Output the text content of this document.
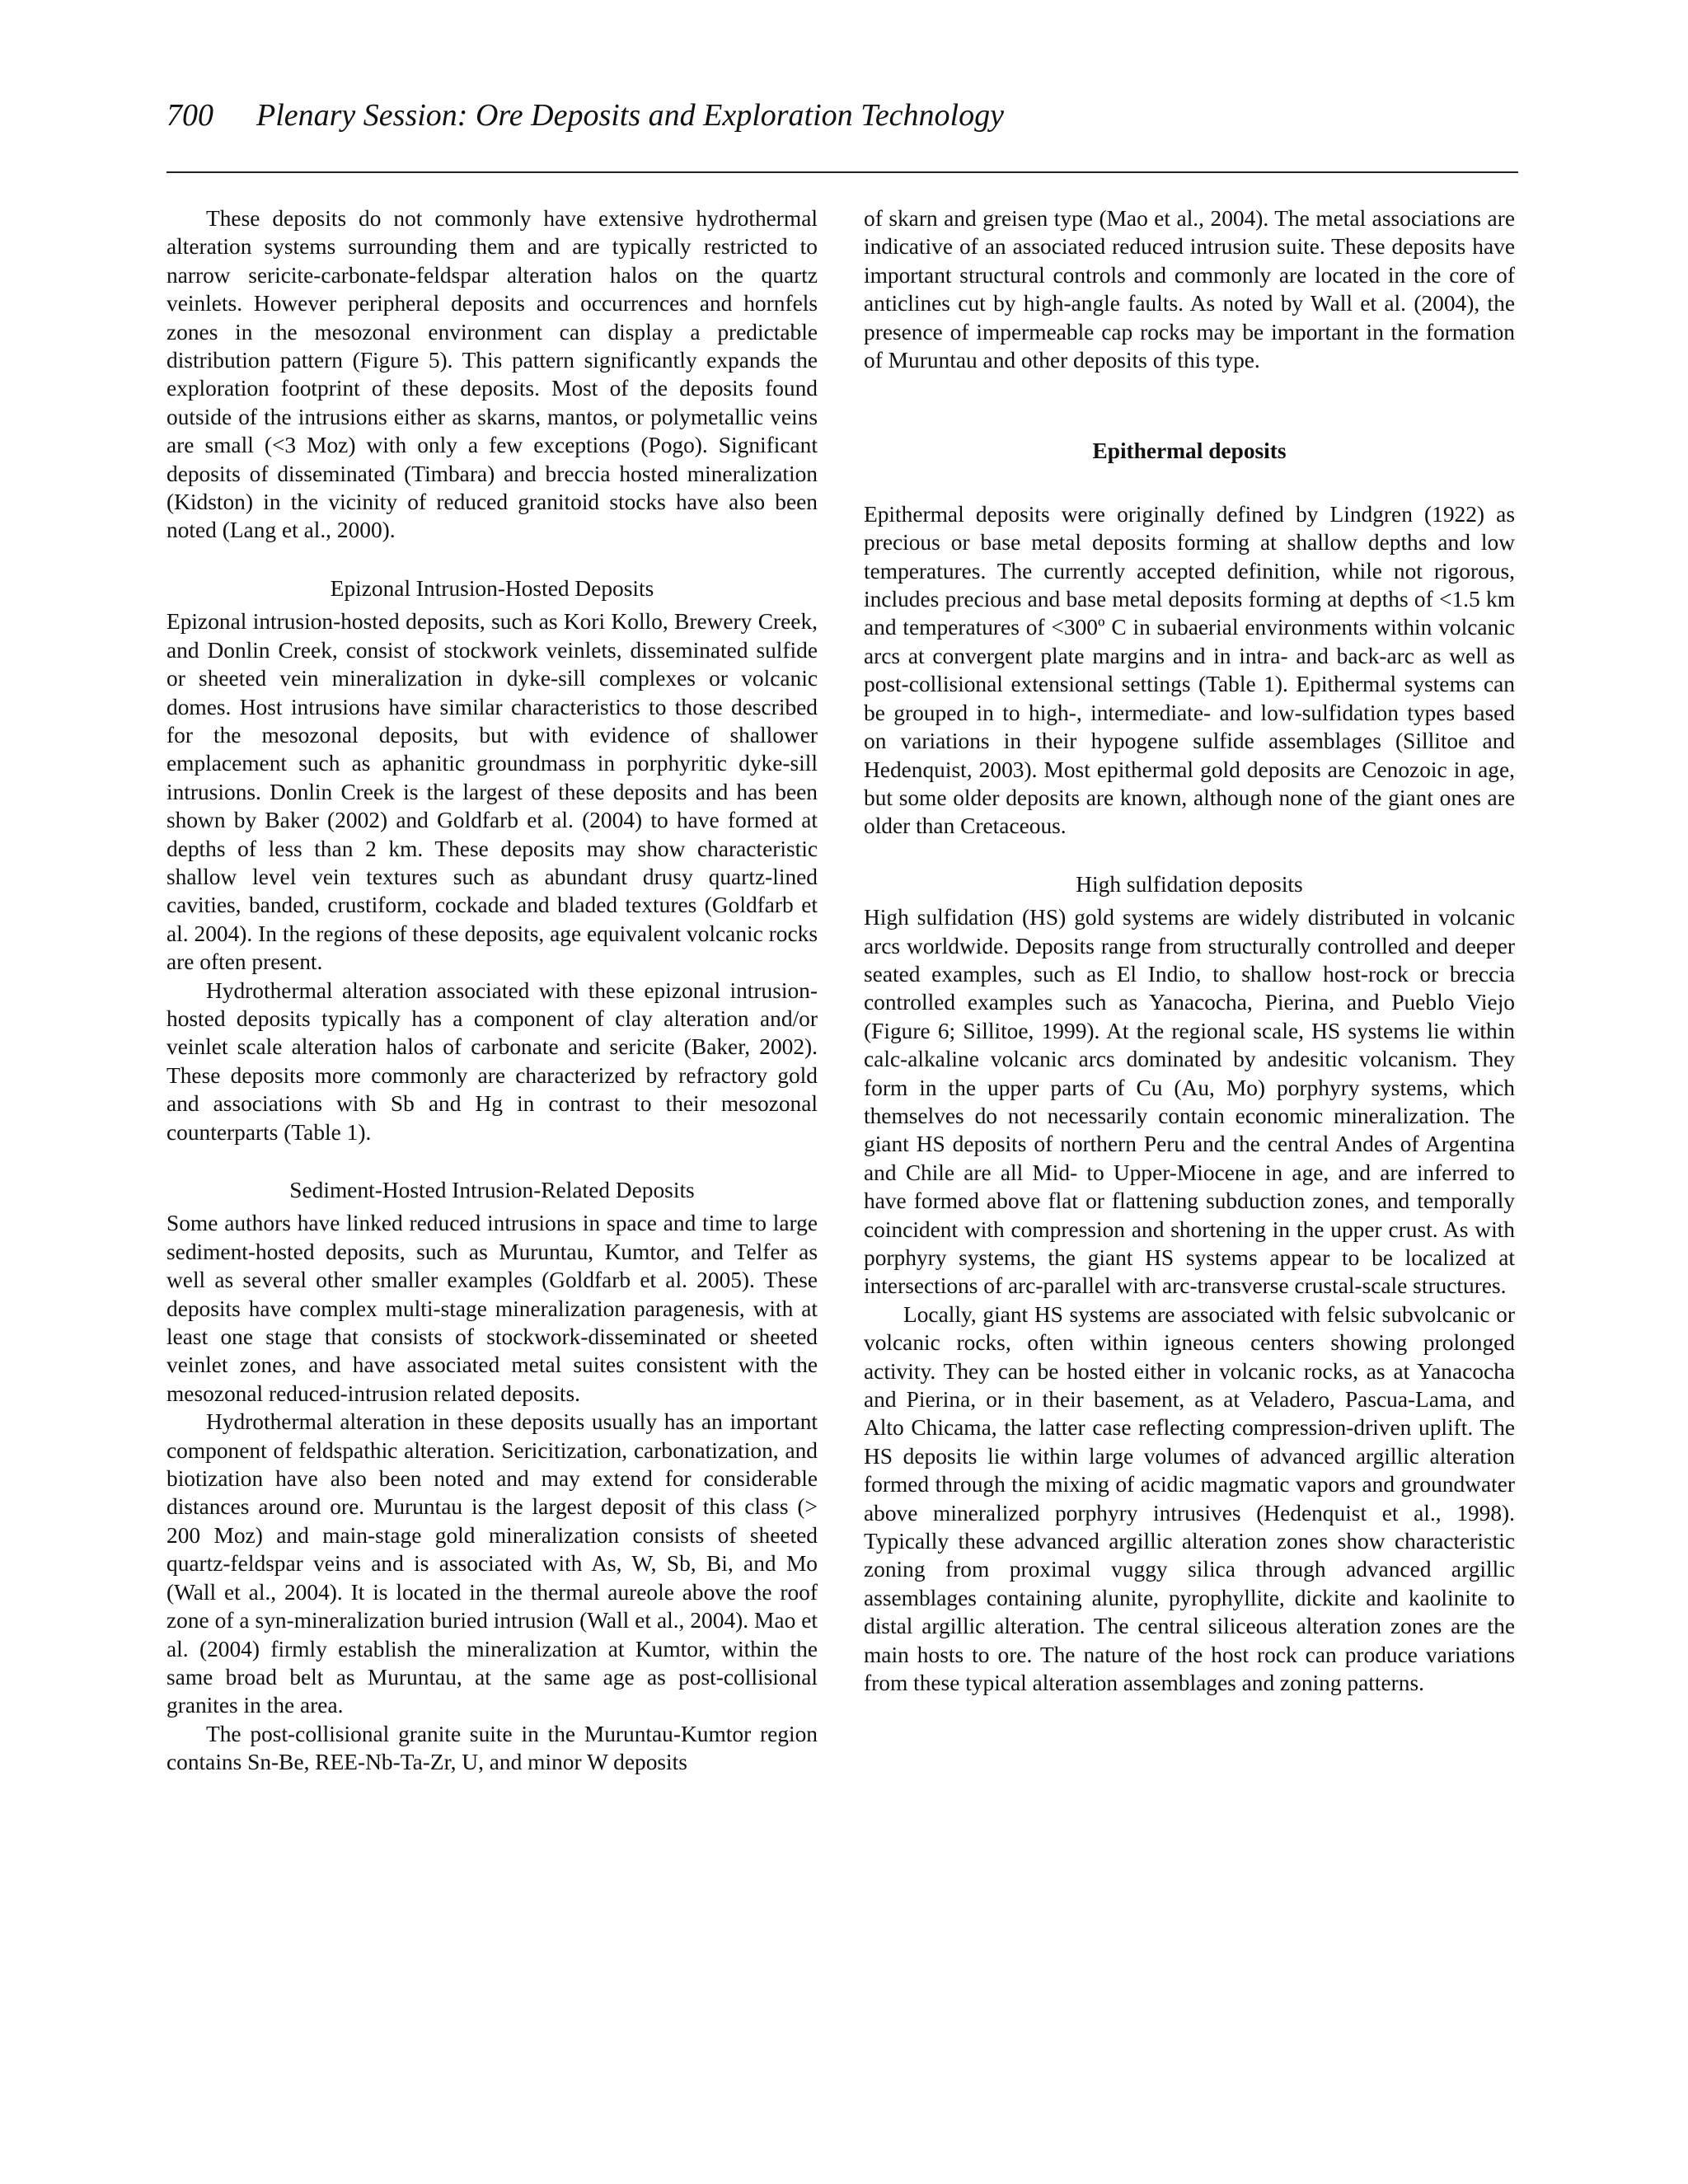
700 Plenary Session: Ore Deposits and Exploration Technology

These deposits do not commonly have extensive hydrothermal alteration systems surrounding them and are typically restricted to narrow sericite-carbonate-feldspar alteration halos on the quartz veinlets. However peripheral deposits and occurrences and hornfels zones in the mesozonal environment can display a predictable distribution pattern (Figure 5). This pattern significantly expands the exploration footprint of these deposits. Most of the deposits found outside of the intrusions either as skarns, mantos, or polymetallic veins are small (<3 Moz) with only a few exceptions (Pogo). Significant deposits of disseminated (Timbara) and breccia hosted mineralization (Kidston) in the vicinity of reduced granitoid stocks have also been noted (Lang et al., 2000).

Epizonal Intrusion-Hosted Deposits

Epizonal intrusion-hosted deposits, such as Kori Kollo, Brewery Creek, and Donlin Creek, consist of stockwork veinlets, disseminated sulfide or sheeted vein mineralization in dyke-sill complexes or volcanic domes. Host intrusions have similar characteristics to those described for the mesozonal deposits, but with evidence of shallower emplacement such as aphanitic groundmass in porphyritic dyke-sill intrusions. Donlin Creek is the largest of these deposits and has been shown by Baker (2002) and Goldfarb et al. (2004) to have formed at depths of less than 2 km. These deposits may show characteristic shallow level vein textures such as abundant drusy quartz-lined cavities, banded, crustiform, cockade and bladed textures (Goldfarb et al. 2004). In the regions of these deposits, age equivalent volcanic rocks are often present.

Hydrothermal alteration associated with these epizonal intrusion-hosted deposits typically has a component of clay alteration and/or veinlet scale alteration halos of carbonate and sericite (Baker, 2002). These deposits more commonly are characterized by refractory gold and associations with Sb and Hg in contrast to their mesozonal counterparts (Table 1).

Sediment-Hosted Intrusion-Related Deposits

Some authors have linked reduced intrusions in space and time to large sediment-hosted deposits, such as Muruntau, Kumtor, and Telfer as well as several other smaller examples (Goldfarb et al. 2005). These deposits have complex multi-stage mineralization paragenesis, with at least one stage that consists of stockwork-disseminated or sheeted veinlet zones, and have associated metal suites consistent with the mesozonal reduced-intrusion related deposits.

Hydrothermal alteration in these deposits usually has an important component of feldspathic alteration. Sericitization, carbonatization, and biotization have also been noted and may extend for considerable distances around ore. Muruntau is the largest deposit of this class (> 200 Moz) and main-stage gold mineralization consists of sheeted quartz-feldspar veins and is associated with As, W, Sb, Bi, and Mo (Wall et al., 2004). It is located in the thermal aureole above the roof zone of a syn-mineralization buried intrusion (Wall et al., 2004). Mao et al. (2004) firmly establish the mineralization at Kumtor, within the same broad belt as Muruntau, at the same age as post-collisional granites in the area.

The post-collisional granite suite in the Muruntau-Kumtor region contains Sn-Be, REE-Nb-Ta-Zr, U, and minor W deposits

of skarn and greisen type (Mao et al., 2004). The metal associations are indicative of an associated reduced intrusion suite. These deposits have important structural controls and commonly are located in the core of anticlines cut by high-angle faults. As noted by Wall et al. (2004), the presence of impermeable cap rocks may be important in the formation of Muruntau and other deposits of this type.

Epithermal deposits

Epithermal deposits were originally defined by Lindgren (1922) as precious or base metal deposits forming at shallow depths and low temperatures. The currently accepted definition, while not rigorous, includes precious and base metal deposits forming at depths of <1.5 km and temperatures of <300º C in subaerial environments within volcanic arcs at convergent plate margins and in intra- and back-arc as well as post-collisional extensional settings (Table 1). Epithermal systems can be grouped in to high-, intermediate- and low-sulfidation types based on variations in their hypogene sulfide assemblages (Sillitoe and Hedenquist, 2003). Most epithermal gold deposits are Cenozoic in age, but some older deposits are known, although none of the giant ones are older than Cretaceous.

High sulfidation deposits

High sulfidation (HS) gold systems are widely distributed in volcanic arcs worldwide. Deposits range from structurally controlled and deeper seated examples, such as El Indio, to shallow host-rock or breccia controlled examples such as Yanacocha, Pierina, and Pueblo Viejo (Figure 6; Sillitoe, 1999). At the regional scale, HS systems lie within calc-alkaline volcanic arcs dominated by andesitic volcanism. They form in the upper parts of Cu (Au, Mo) porphyry systems, which themselves do not necessarily contain economic mineralization. The giant HS deposits of northern Peru and the central Andes of Argentina and Chile are all Mid- to Upper-Miocene in age, and are inferred to have formed above flat or flattening subduction zones, and temporally coincident with compression and shortening in the upper crust. As with porphyry systems, the giant HS systems appear to be localized at intersections of arc-parallel with arc-transverse crustal-scale structures.

Locally, giant HS systems are associated with felsic subvolcanic or volcanic rocks, often within igneous centers showing prolonged activity. They can be hosted either in volcanic rocks, as at Yanacocha and Pierina, or in their basement, as at Veladero, Pascua-Lama, and Alto Chicama, the latter case reflecting compression-driven uplift. The HS deposits lie within large volumes of advanced argillic alteration formed through the mixing of acidic magmatic vapors and groundwater above mineralized porphyry intrusives (Hedenquist et al., 1998). Typically these advanced argillic alteration zones show characteristic zoning from proximal vuggy silica through advanced argillic assemblages containing alunite, pyrophyllite, dickite and kaolinite to distal argillic alteration. The central siliceous alteration zones are the main hosts to ore. The nature of the host rock can produce variations from these typical alteration assemblages and zoning patterns.
